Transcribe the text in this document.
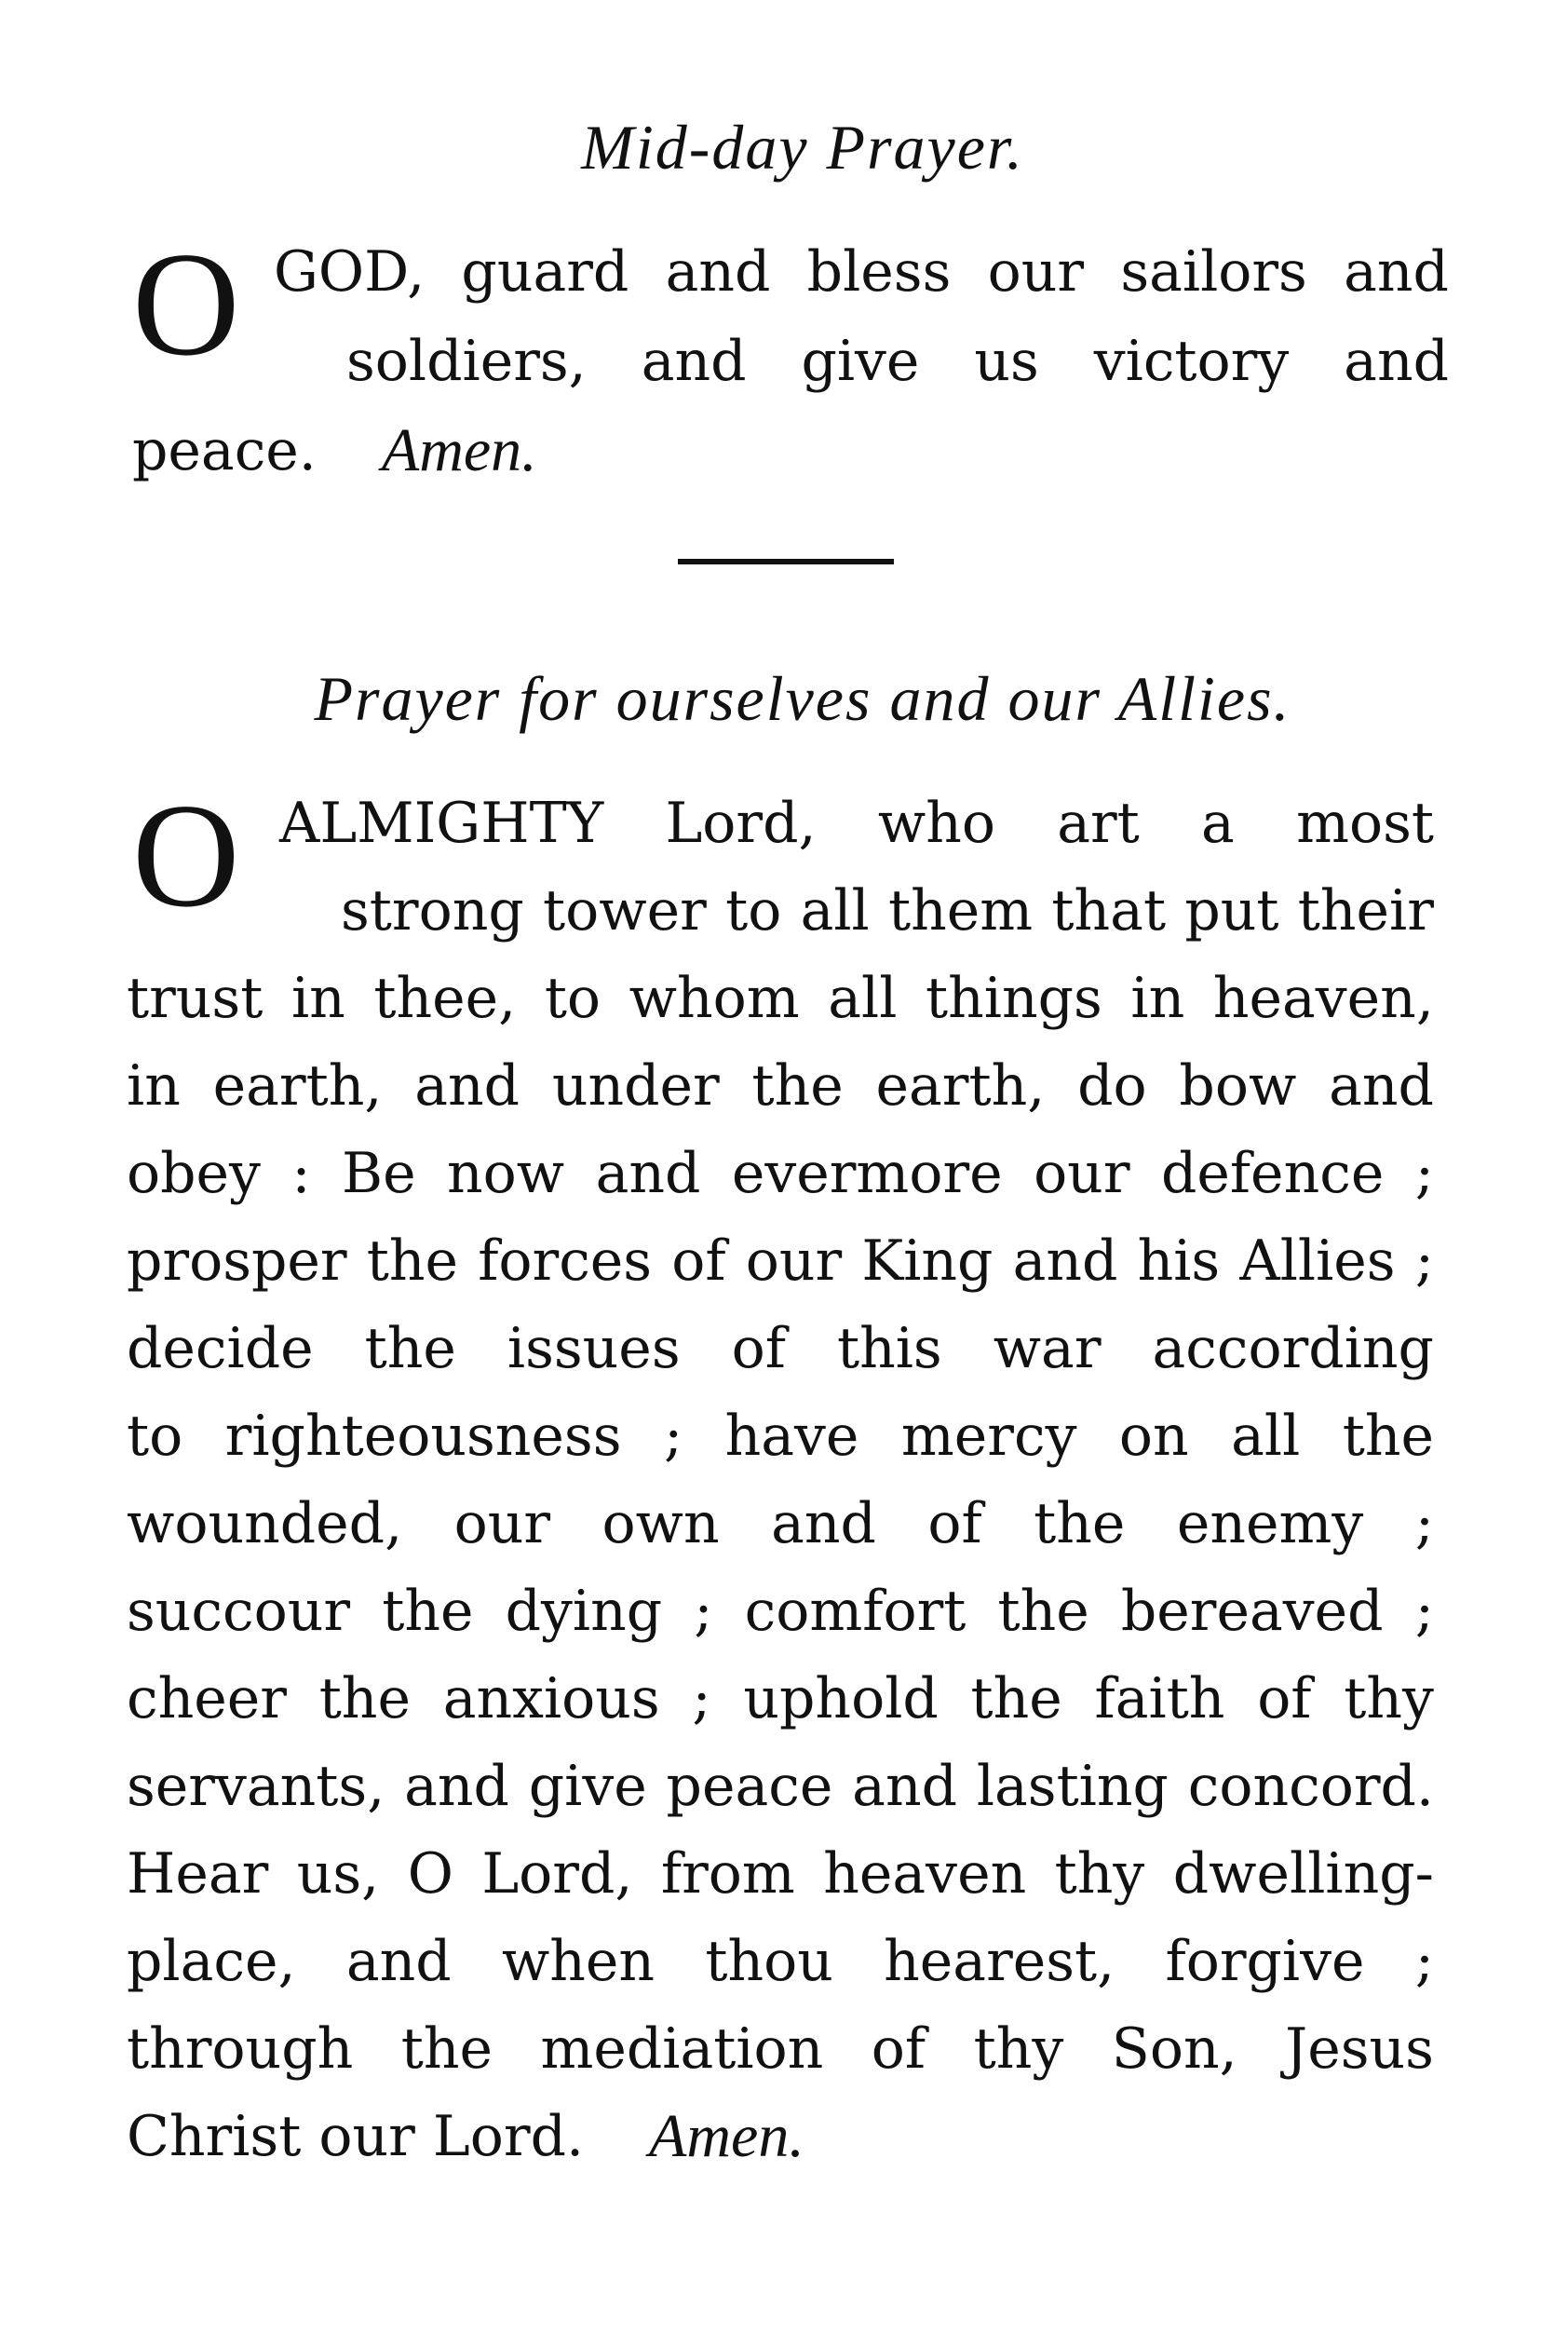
Mid-day Prayer.
O GOD, guard and bless our sailors and
soldiers, and give us victory and
peace. Amen.
Prayer for ourselves and our Allies.
O ALMIGHTY Lord, who art a most
strong tower to all them that put their
trust in thee, to whom all things in heaven,
in earth, and under the earth, do bow and
obey : Be now and evermore our defence ;
prosper the forces of our King and his Allies ;
decide the issues of this war according
to righteousness ; have mercy on all the
wounded, our own and of the enemy ;
succour the dying ; comfort the bereaved ;
cheer the anxious ; uphold the faith of thy
servants, and give peace and lasting concord.
Hear us, O Lord, from heaven thy dwelling-
place, and when thou hearest, forgive ;
through the mediation of thy Son, Jesus
Christ our Lord. Amen.
